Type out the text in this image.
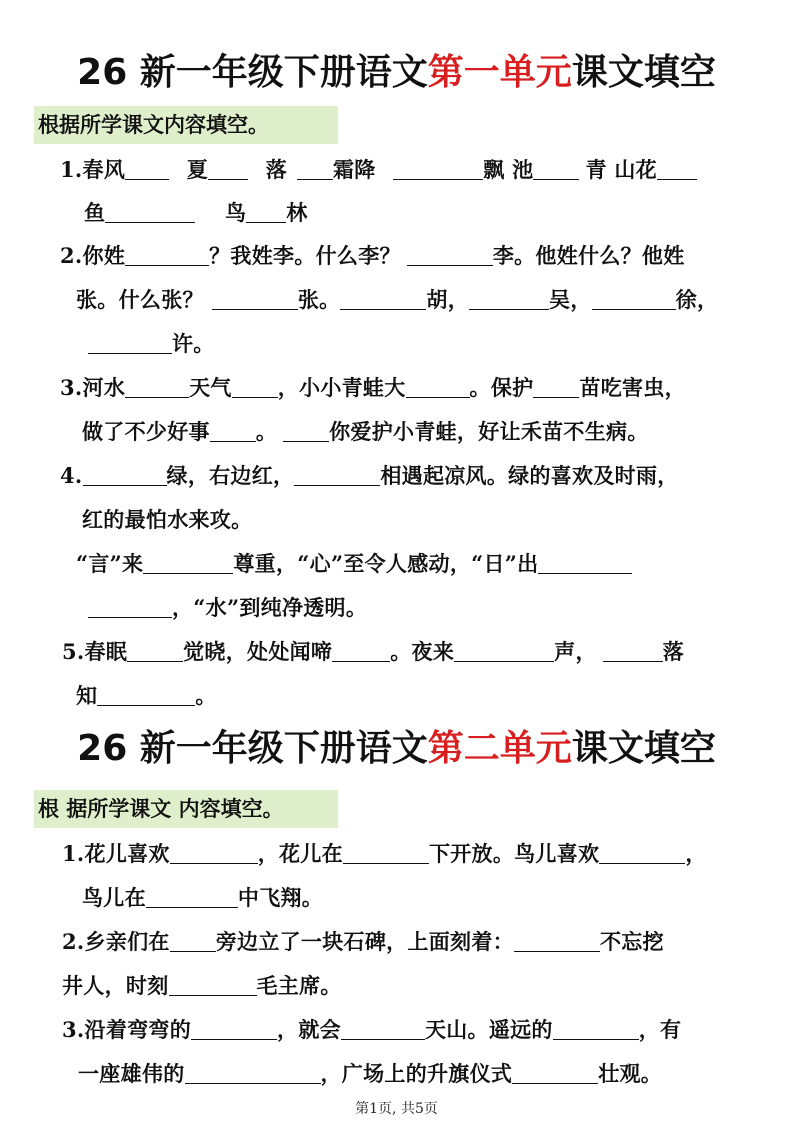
26 新一年级下册语文第一单元课文填空
根据所学课文内容填空。
1.春风	夏	落 霜降	飘 池 青 山花
鱼	鸟 林
2.你姓	？我姓李。什么李？	李。他姓什么？他姓
张。什么张？	张。	胡，	吴，	徐，
许。
3.河水	天气 ，小小青蛙大	。保护 苗吃害虫，
做了不少好事 。 你爱护小青蛙，好让禾苗不生病。
4.	绿，右边红，	相遇起凉风。绿的喜欢及时雨，
红的最怕水来攻。
“言”来	尊重，“心”至令人感动，“日”出
，“水”到纯净透明。
5.春眠	觉晓，处处闻啼	。夜来	声，	落
知	。
26 新一年级下册语文第二单元课文填空
根 据所学课文 内容填空。
1.花儿喜欢	，花儿在	下开放。鸟儿喜欢	，
鸟儿在	中飞翔。
2.乡亲们在 旁边立了一块石碑，上面刻着：	不忘挖
井人，时刻	毛主席。
3.沿着弯弯的	，就会	天山。遥远的	，有
一座雄伟的	，广场上的升旗仪式	壮观。
第1页, 共5页
